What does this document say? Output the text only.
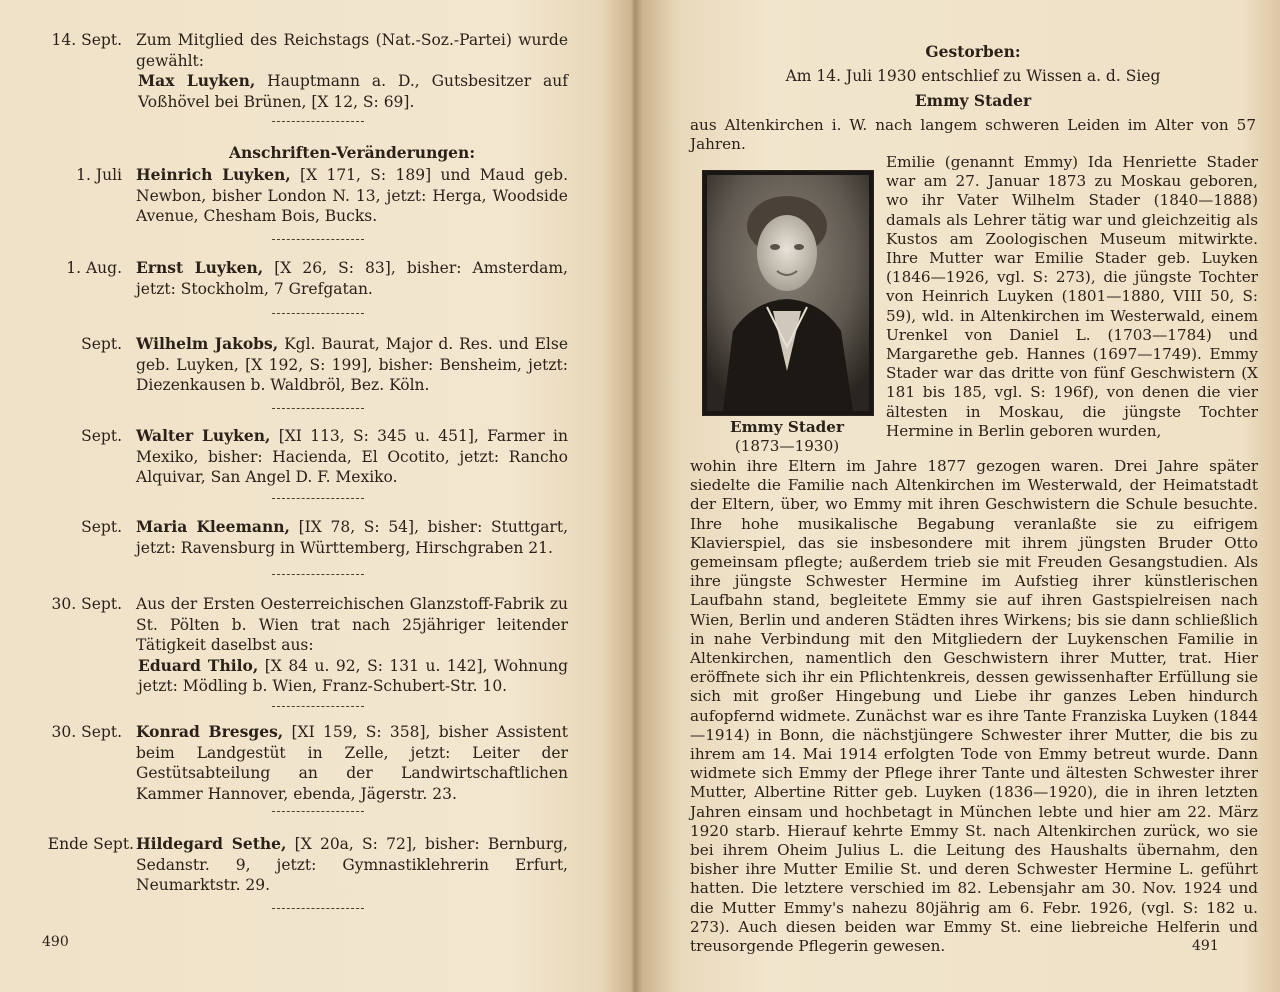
14. Sept. Zum Mitglied des Reichstags (Nat.-Soz.-Partei) wurde gewählt:
Max Luyken, Hauptmann a. D., Gutsbesitzer auf Voßhövel bei Brünen, [X 12, S: 69].
Anschriften-Veränderungen:
1. Juli Heinrich Luyken, [X 171, S: 189] und Maud geb. Newbon, bisher London N. 13, jetzt: Herga, Woodside Avenue, Chesham Bois, Bucks.
1. Aug. Ernst Luyken, [X 26, S: 83], bisher: Amsterdam, jetzt: Stockholm, 7 Grefgatan.
Sept. Wilhelm Jakobs, Kgl. Baurat, Major d. Res. und Else geb. Luyken, [X 192, S: 199], bisher: Bensheim, jetzt: Diezenkausen b. Waldbröl, Bez. Köln.
Sept. Walter Luyken, [XI 113, S: 345 u. 451], Farmer in Mexiko, bisher: Hacienda, El Ocotito, jetzt: Rancho Alquivar, San Angel D. F. Mexiko.
Sept. Maria Kleemann, [IX 78, S: 54], bisher: Stuttgart, jetzt: Ravensburg in Württemberg, Hirschgraben 21.
30. Sept. Aus der Ersten Oesterreichischen Glanzstoff-Fabrik zu St. Pölten b. Wien trat nach 25jähriger leitender Tätigkeit daselbst aus:
Eduard Thilo, [X 84 u. 92, S: 131 u. 142], Wohnung jetzt: Mödling b. Wien, Franz-Schubert-Str. 10.
30. Sept. Konrad Bresges, [XI 159, S: 358], bisher Assistent beim Landgestüt in Zelle, jetzt: Leiter der Gestütsabteilung an der Landwirtschaftlichen Kammer Hannover, ebenda, Jägerstr. 23.
Ende Sept. Hildegard Sethe, [X 20a, S: 72], bisher: Bernburg, Sedanstr. 9, jetzt: Gymnastiklehrerin Erfurt, Neumarktstr. 29.
490
Gestorben:
Am 14. Juli 1930 entschlief zu Wissen a. d. Sieg
Emmy Stader
aus Altenkirchen i. W. nach langem schweren Leiden im Alter von 57 Jahren.
Emilie (genannt Emmy) Ida Henriette Stader war am 27. Januar 1873 zu Moskau geboren, wo ihr Vater Wilhelm Stader (1840—1888) damals als Lehrer tätig war und gleichzeitig als Kustos am Zoologischen Museum mitwirkte. Ihre Mutter war Emilie Stader geb. Luyken (1846—1926, vgl. S: 273), die jüngste Tochter von Heinrich Luyken (1801—1880, VIII 50, S: 59), wld. in Altenkirchen im Westerwald, einem Urenkel von Daniel L. (1703—1784) und Margarethe geb. Hannes (1697—1749). Emmy Stader war das dritte von fünf Geschwistern (X 181 bis 185, vgl. S: 196f), von denen die vier ältesten in Moskau, die jüngste Tochter Hermine in Berlin geboren wurden,
Emmy Stader
(1873—1930)
wohin ihre Eltern im Jahre 1877 gezogen waren. Drei Jahre später siedelte die Familie nach Altenkirchen im Westerwald, der Heimatstadt der Eltern, über, wo Emmy mit ihren Geschwistern die Schule besuchte. Ihre hohe musikalische Begabung veranlaßte sie zu eifrigem Klavierspiel, das sie insbesondere mit ihrem jüngsten Bruder Otto gemeinsam pflegte; außerdem trieb sie mit Freuden Gesangstudien. Als ihre jüngste Schwester Hermine im Aufstieg ihrer künstlerischen Laufbahn stand, begleitete Emmy sie auf ihren Gastspielreisen nach Wien, Berlin und anderen Städten ihres Wirkens; bis sie dann schließlich in nahe Verbindung mit den Mitgliedern der Luykenschen Familie in Altenkirchen, namentlich den Geschwistern ihrer Mutter, trat. Hier eröffnete sich ihr ein Pflichtenkreis, dessen gewissenhafter Erfüllung sie sich mit großer Hingebung und Liebe ihr ganzes Leben hindurch aufopfernd widmete. Zunächst war es ihre Tante Franziska Luyken (1844—1914) in Bonn, die nächstjüngere Schwester ihrer Mutter, die bis zu ihrem am 14. Mai 1914 erfolgten Tode von Emmy betreut wurde. Dann widmete sich Emmy der Pflege ihrer Tante und ältesten Schwester ihrer Mutter, Albertine Ritter geb. Luyken (1836—1920), die in ihren letzten Jahren einsam und hochbetagt in München lebte und hier am 22. März 1920 starb. Hierauf kehrte Emmy St. nach Altenkirchen zurück, wo sie bei ihrem Oheim Julius L. die Leitung des Haushalts übernahm, den bisher ihre Mutter Emilie St. und deren Schwester Hermine L. geführt hatten. Die letztere verschied im 82. Lebensjahr am 30. Nov. 1924 und die Mutter Emmy's nahezu 80jährig am 6. Febr. 1926, (vgl. S: 182 u. 273). Auch diesen beiden war Emmy St. eine liebreiche Helferin und treusorgende Pflegerin gewesen.	491
